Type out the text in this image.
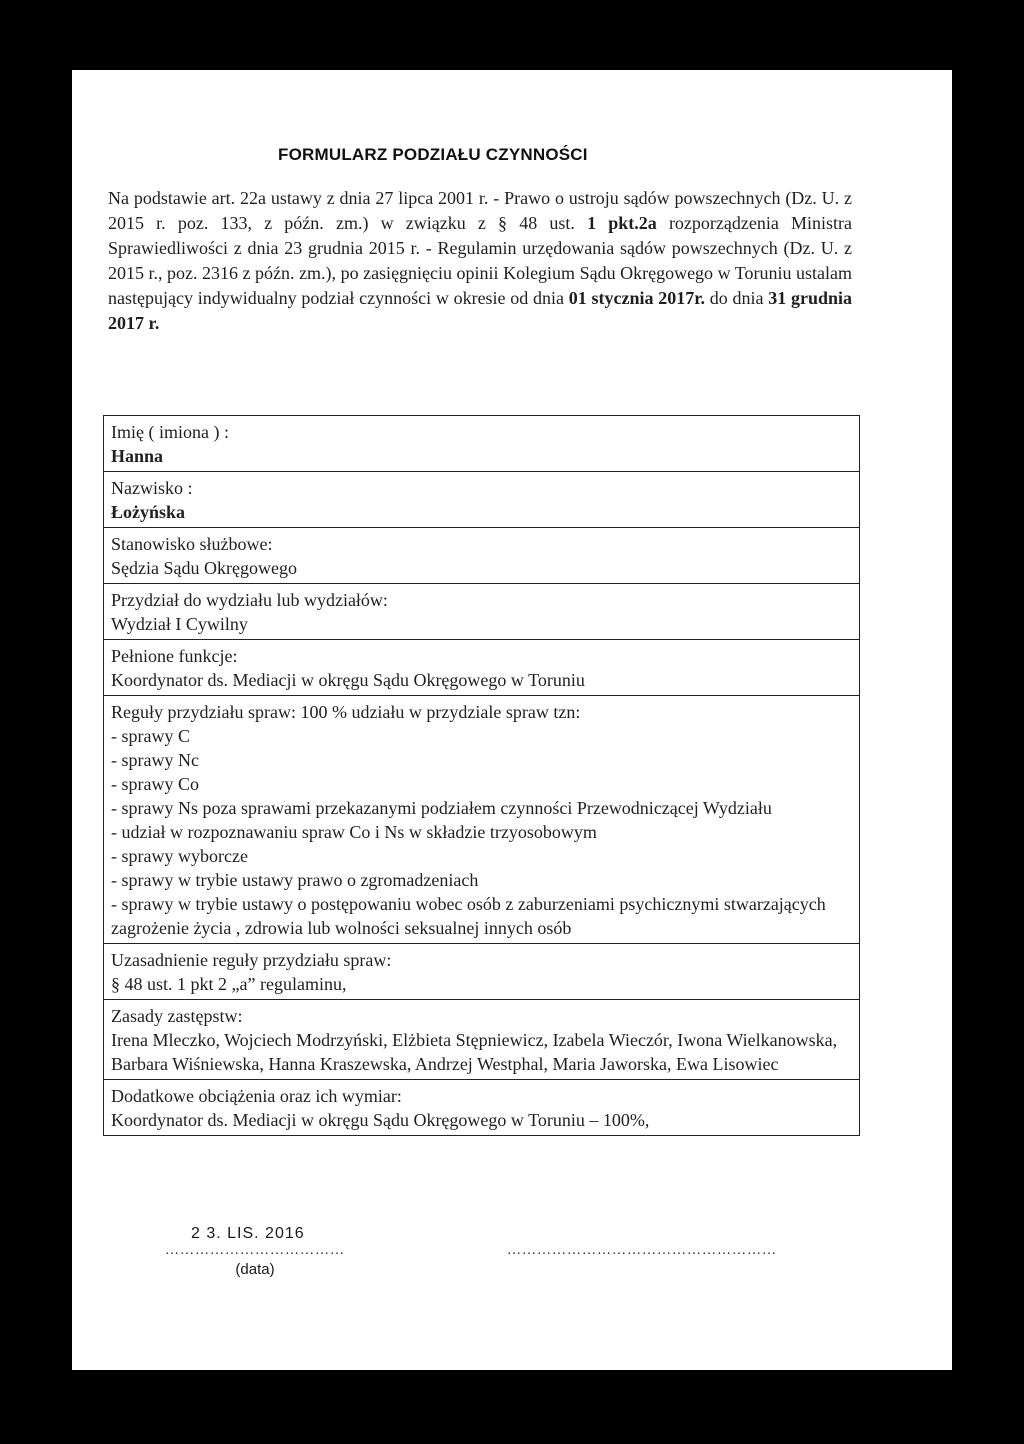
FORMULARZ PODZIAŁU CZYNNOŚCI
Na podstawie art. 22a ustawy z dnia 27 lipca 2001 r. - Prawo o ustroju sądów powszechnych (Dz. U. z 2015 r. poz. 133, z późn. zm.) w związku z § 48 ust. 1 pkt.2a rozporządzenia Ministra Sprawiedliwości z dnia 23 grudnia 2015 r. - Regulamin urzędowania sądów powszechnych (Dz. U. z 2015 r., poz. 2316 z późn. zm.), po zasięgnięciu opinii Kolegium Sądu Okręgowego w Toruniu ustalam następujący indywidualny podział czynności w okresie od dnia 01 stycznia 2017r. do dnia 31 grudnia 2017 r.
Imię ( imiona ) :
Hanna

Nazwisko :
Łożyńska

Stanowisko służbowe:
Sędzia Sądu Okręgowego

Przydział do wydziału lub wydziałów:
Wydział I Cywilny

Pełnione funkcje:
Koordynator ds. Mediacji w okręgu Sądu Okręgowego w Toruniu

Reguły przydziału spraw: 100 % udziału w przydziale spraw tzn:
- sprawy C
- sprawy Nc
- sprawy Co
- sprawy Ns poza sprawami przekazanymi podziałem czynności Przewodniczącej Wydziału
- udział w rozpoznawaniu spraw Co i Ns w składzie trzyosobowym
- sprawy wyborcze
- sprawy w trybie ustawy prawo o zgromadzeniach
- sprawy w trybie ustawy o postępowaniu wobec osób z zaburzeniami psychicznymi stwarzających zagrożenie życia , zdrowia lub wolności seksualnej innych osób

Uzasadnienie reguły przydziału spraw:
§ 48 ust. 1 pkt 2 „a” regulaminu,

Zasady zastępstw:
Irena Mleczko, Wojciech Modrzyński, Elżbieta Stępniewicz, Izabela Wieczór, Iwona Wielkanowska, Barbara Wiśniewska, Hanna Kraszewska, Andrzej Westphal, Maria Jaworska, Ewa Lisowiec

Dodatkowe obciążenia oraz ich wymiar:
Koordynator ds. Mediacji w okręgu Sądu Okręgowego w Toruniu – 100%,
2 3. LIS. 2016
………………………………
(data)
………………………………………………
